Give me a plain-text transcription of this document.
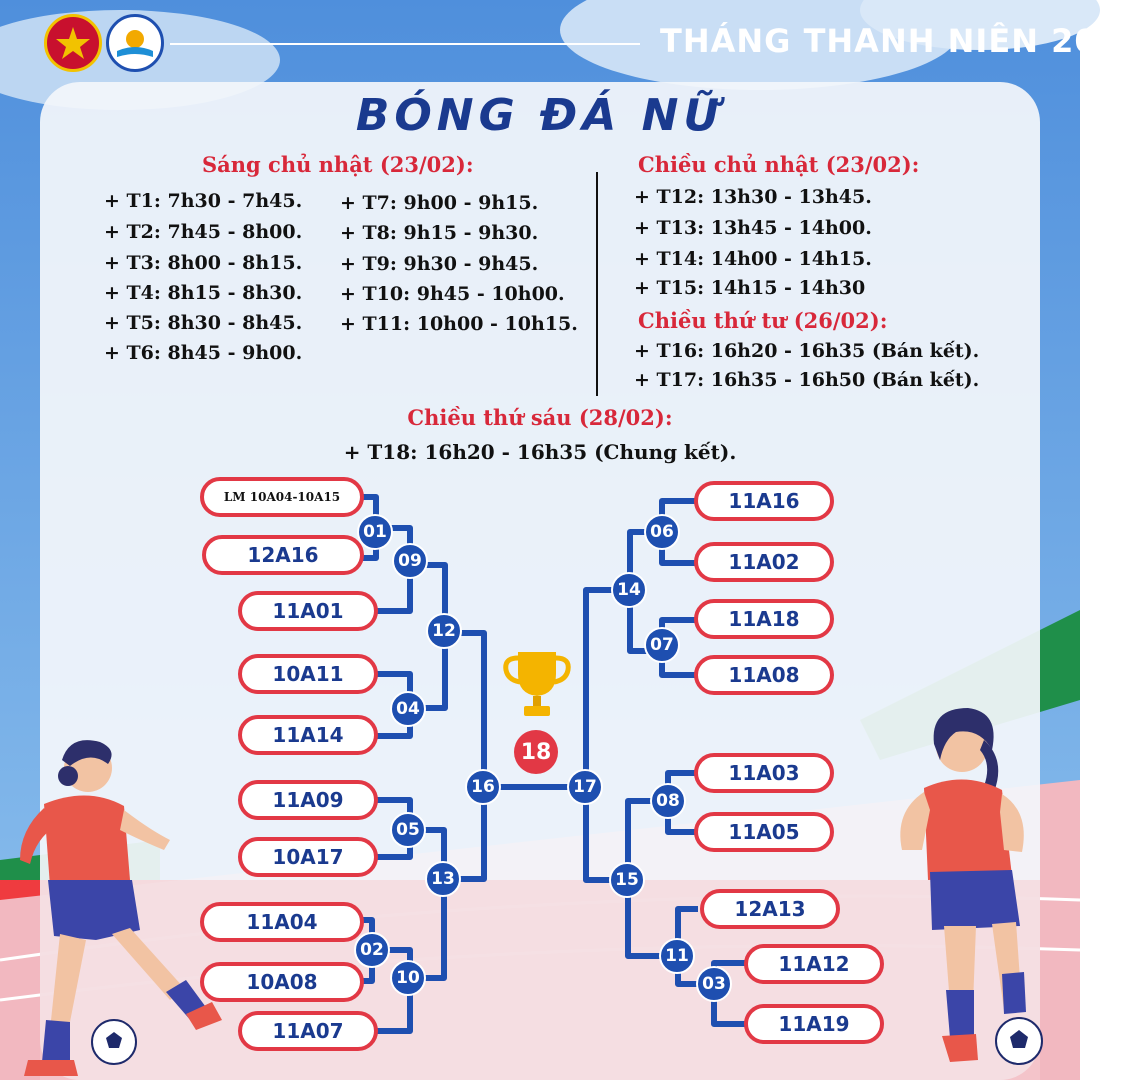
THÁNG THANH NIÊN 2025
BÓNG ĐÁ NỮ
Sáng chủ nhật (23/02):
+ T1: 7h30 - 7h45.
+ T2: 7h45 - 8h00.
+ T3: 8h00 - 8h15.
+ T4: 8h15 - 8h30.
+ T5: 8h30 - 8h45.
+ T6: 8h45 - 9h00.
+ T7: 9h00 - 9h15.
+ T8: 9h15 - 9h30.
+ T9: 9h30 - 9h45.
+ T10: 9h45 - 10h00.
+ T11: 10h00 - 10h15.
Chiều chủ nhật (23/02):
+ T12: 13h30 - 13h45.
+ T13: 13h45 - 14h00.
+ T14: 14h00 - 14h15.
+ T15: 14h15 - 14h30
Chiều thứ tư (26/02):
+ T16: 16h20 - 16h35 (Bán kết).
+ T17: 16h35 - 16h50 (Bán kết).
Chiều thứ sáu (28/02):
+ T18: 16h20 - 16h35 (Chung kết).
LM 10A04-10A15
12A16
11A01
10A11
11A14
11A09
10A17
11A04
10A08
11A07
11A16
11A02
11A18
11A08
11A03
11A05
12A13
11A12
11A19
01
09
12
04
05
13
02
10
16	17
06
14
07
08
15
11
03
18
